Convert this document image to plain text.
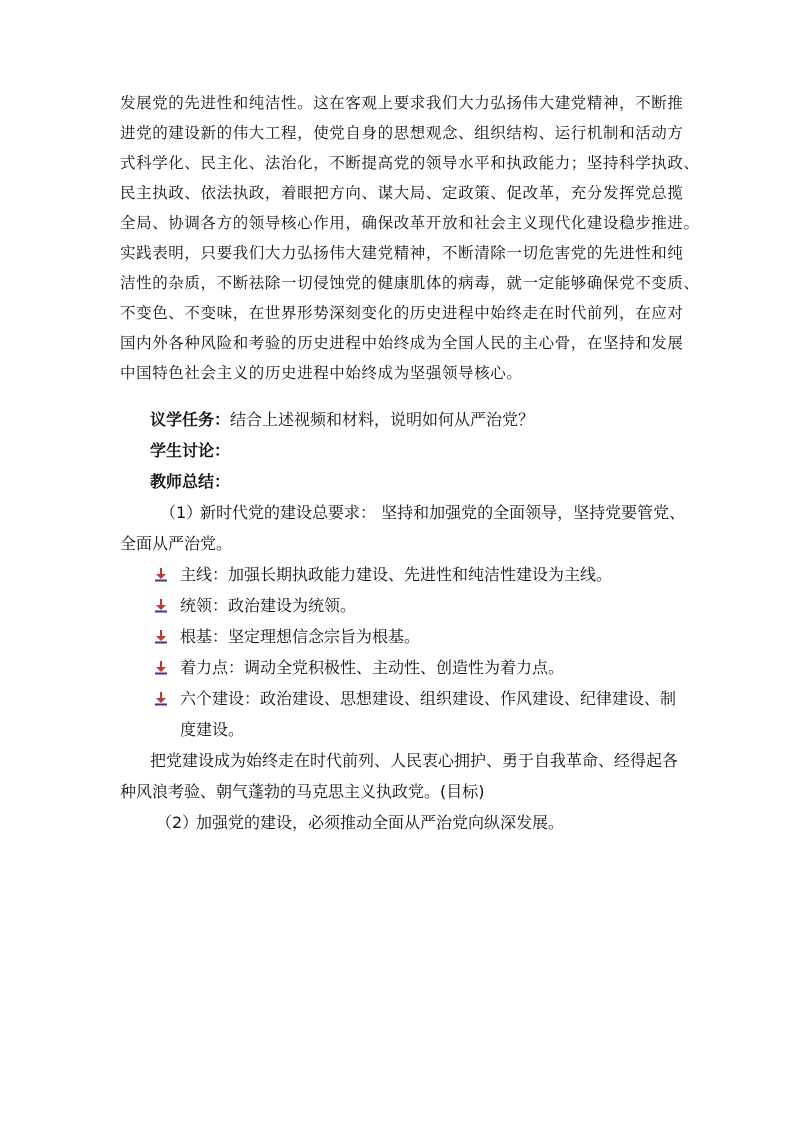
发展党的先进性和纯洁性。这在客观上要求我们大力弘扬伟大建党精神，不断推
进党的建设新的伟大工程，使党自身的思想观念、组织结构、运行机制和活动方
式科学化、民主化、法治化，不断提高党的领导水平和执政能力；坚持科学执政、
民主执政、依法执政，着眼把方向、谋大局、定政策、促改革，充分发挥党总揽
全局、协调各方的领导核心作用，确保改革开放和社会主义现代化建设稳步推进。
实践表明，只要我们大力弘扬伟大建党精神，不断清除一切危害党的先进性和纯
洁性的杂质，不断祛除一切侵蚀党的健康肌体的病毒，就一定能够确保党不变质、
不变色、不变味，在世界形势深刻变化的历史进程中始终走在时代前列，在应对
国内外各种风险和考验的历史进程中始终成为全国人民的主心骨，在坚持和发展
中国特色社会主义的历史进程中始终成为坚强领导核心。
议学任务：结合上述视频和材料，说明如何从严治党？
学生讨论：
教师总结：
（1）新时代党的建设总要求： 坚持和加强党的全面领导，坚持党要管党、
全面从严治党。
主线：加强长期执政能力建设、先进性和纯洁性建设为主线。
统领：政治建设为统领。
根基：坚定理想信念宗旨为根基。
着力点：调动全党积极性、主动性、创造性为着力点。
六个建设：政治建设、思想建设、组织建设、作风建设、纪律建设、制
度建设。
把党建设成为始终走在时代前列、人民衷心拥护、勇于自我革命、经得起各
种风浪考验、朝气蓬勃的马克思主义执政党。(目标)
（2）加强党的建设，必须推动全面从严治党向纵深发展。
